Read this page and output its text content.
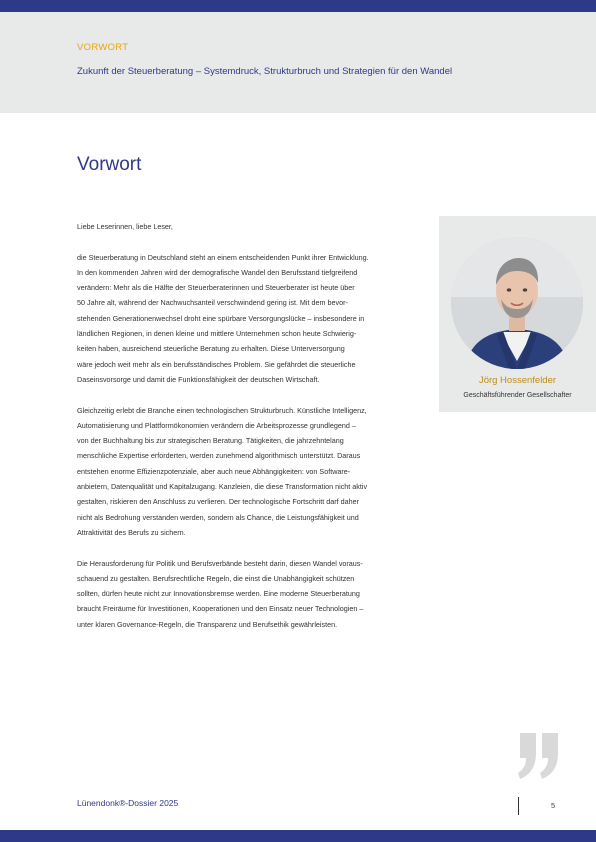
VORWORT
Zukunft der Steuerberatung – Systemdruck, Strukturbruch und Strategien für den Wandel
Vorwort

Liebe Leserinnen, liebe Leser,

die Steuerberatung in Deutschland steht an einem entscheidenden Punkt ihrer Entwicklung.
In den kommenden Jahren wird der demografische Wandel den Berufsstand tiefgreifend
verändern: Mehr als die Hälfte der Steuerberaterinnen und Steuerberater ist heute über
50 Jahre alt, während der Nachwuchsanteil verschwindend gering ist. Mit dem bevor-
stehenden Generationenwechsel droht eine spürbare Versorgungslücke – insbesondere in
ländlichen Regionen, in denen kleine und mittlere Unternehmen schon heute Schwierig-
keiten haben, ausreichend steuerliche Beratung zu erhalten. Diese Unterversorgung
wäre jedoch weit mehr als ein berufsständisches Problem. Sie gefährdet die steuerliche
Daseinsvorsorge und damit die Funktionsfähigkeit der deutschen Wirtschaft.

Gleichzeitig erlebt die Branche einen technologischen Strukturbruch. Künstliche Intelligenz,
Automatisierung und Plattformökonomien verändern die Arbeitsprozesse grundlegend –
von der Buchhaltung bis zur strategischen Beratung. Tätigkeiten, die jahrzehntelang
menschliche Expertise erforderten, werden zunehmend algorithmisch unterstützt. Daraus
entstehen enorme Effizienzpotenziale, aber auch neue Abhängigkeiten: von Software-
anbietern, Datenqualität und Kapitalzugang. Kanzleien, die diese Transformation nicht aktiv
gestalten, riskieren den Anschluss zu verlieren. Der technologische Fortschritt darf daher
nicht als Bedrohung verstanden werden, sondern als Chance, die Leistungsfähigkeit und
Attraktivität des Berufs zu sichern.

Die Herausforderung für Politik und Berufsverbände besteht darin, diesen Wandel voraus-
schauend zu gestalten. Berufsrechtliche Regeln, die einst die Unabhängigkeit schützen
sollten, dürfen heute nicht zur Innovationsbremse werden. Eine moderne Steuerberatung
braucht Freiräume für Investitionen, Kooperationen und den Einsatz neuer Technologien –
unter klaren Governance-Regeln, die Transparenz und Berufsethik gewährleisten.

Jörg Hossenfelder
Geschäftsführender Gesellschafter
Lünendonk®-Dossier 2025	5
